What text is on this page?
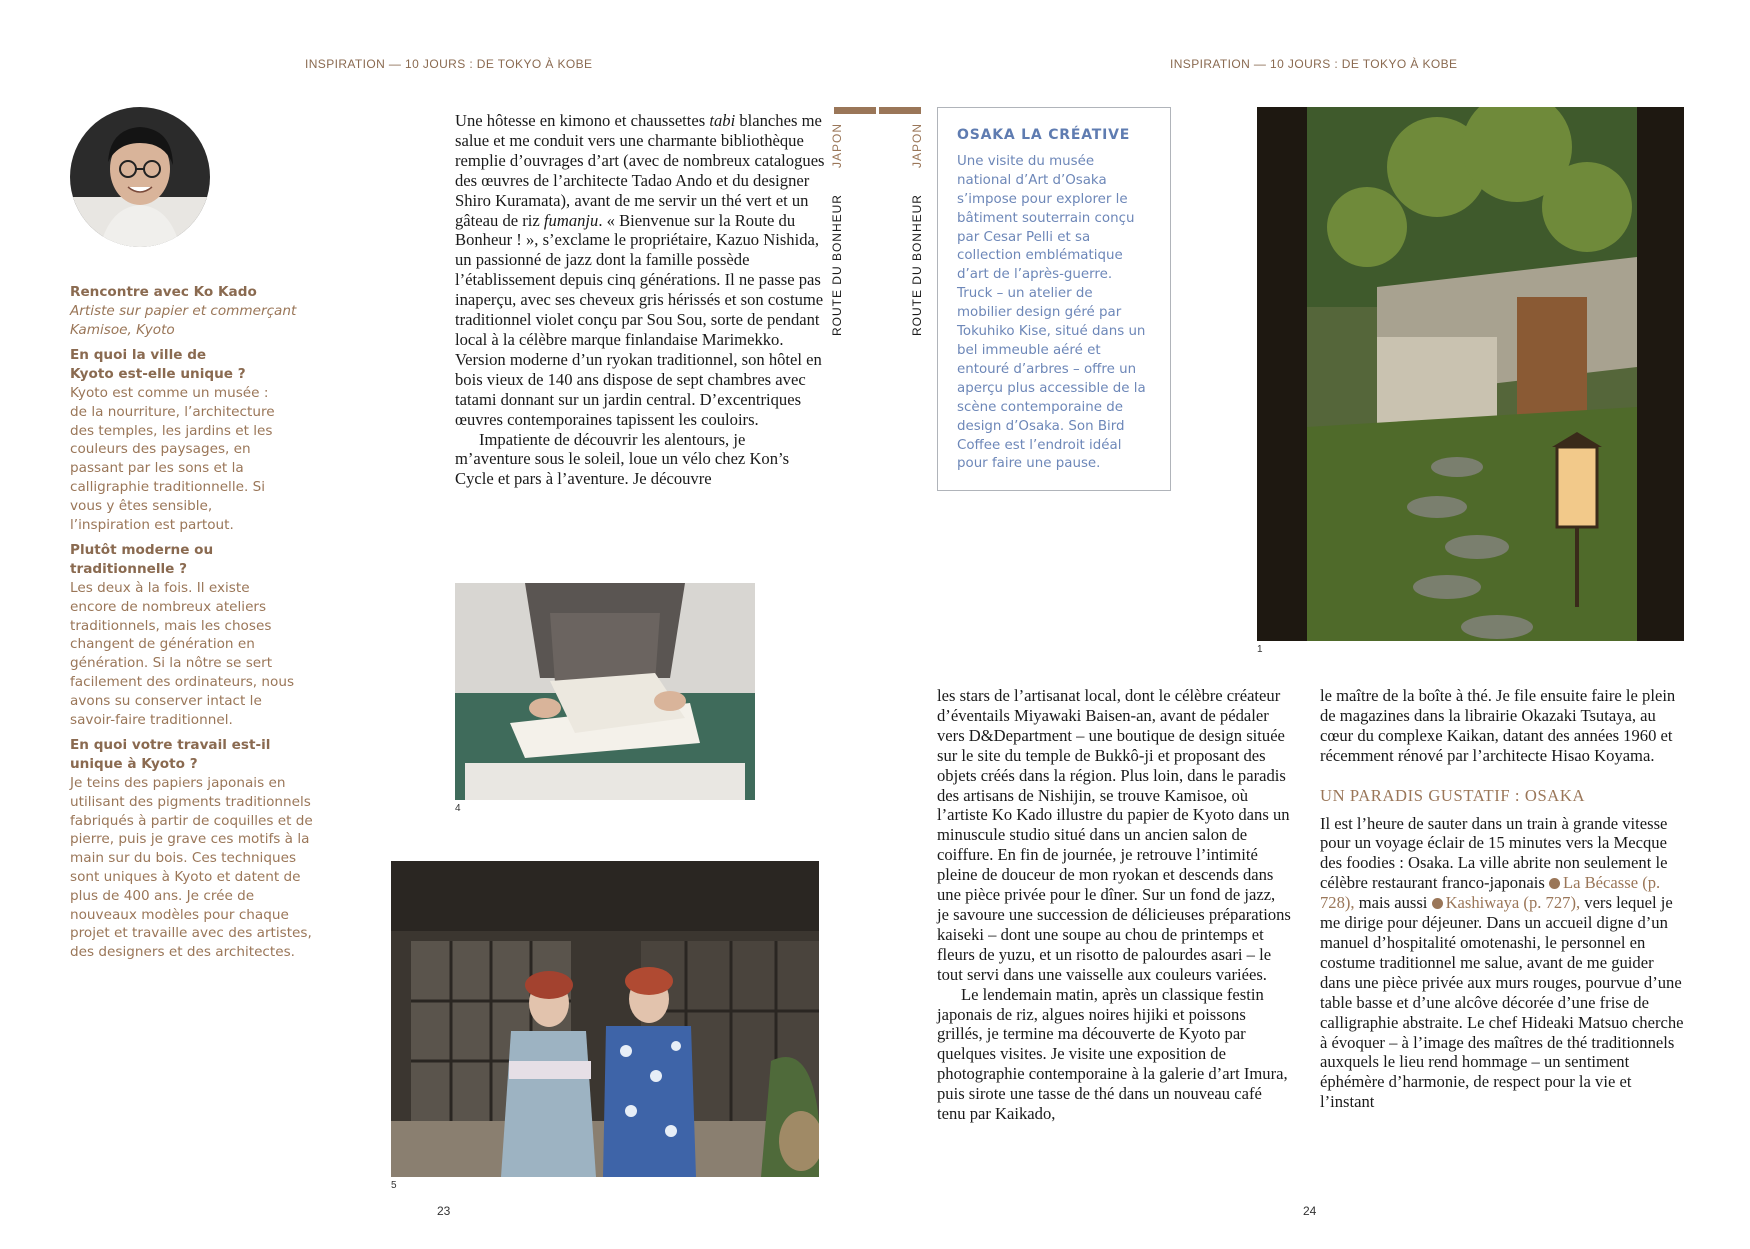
INSPIRATION — 10 JOURS : DE TOKYO À KOBE	INSPIRATION — 10 JOURS : DE TOKYO À KOBE

Rencontre avec Ko Kado

Artiste sur papier et commerçant

Kamisoe, Kyoto

En quoi la ville de Kyoto est-elle unique ?

Kyoto est comme un musée : de la nourriture, l’architecture des temples, les jardins et les couleurs des paysages, en passant par les sons et la calligraphie traditionnelle. Si vous y êtes sensible, l’inspiration est partout.

Plutôt moderne ou traditionnelle ?

Les deux à la fois. Il existe encore de nombreux ateliers traditionnels, mais les choses changent de génération en génération. Si la nôtre se sert facilement des ordinateurs, nous avons su conserver intact le savoir-faire traditionnel.

En quoi votre travail est-il unique à Kyoto ?

Je teins des papiers japonais en utilisant des pigments traditionnels fabriqués à partir de coquilles et de pierre, puis je grave ces motifs à la main sur du bois. Ces techniques sont uniques à Kyoto et datent de plus de 400 ans. Je crée de nouveaux modèles pour chaque projet et travaille avec des artistes, des designers et des architectes.

Une hôtesse en kimono et chaussettes tabi blanches me salue et me conduit vers une charmante bibliothèque remplie d’ouvrages d’art (avec de nombreux catalogues des œuvres de l’architecte Tadao Ando et du designer Shiro Kuramata), avant de me servir un thé vert et un gâteau de riz fumanju. « Bienvenue sur la Route du Bonheur ! », s’exclame le propriétaire, Kazuo Nishida, un passionné de jazz dont la famille possède l’établissement depuis cinq générations. Il ne passe pas inaperçu, avec ses cheveux gris hérissés et son costume traditionnel violet conçu par Sou Sou, sorte de pendant local à la célèbre marque finlandaise Marimekko. Version moderne d’un ryokan traditionnel, son hôtel en bois vieux de 140 ans dispose de sept chambres avec tatami donnant sur un jardin central. D’excentriques œuvres contemporaines tapissent les couloirs.

Impatiente de découvrir les alentours, je m’aventure sous le soleil, loue un vélo chez Kon’s Cycle et pars à l’aventure. Je découvre

4
5
ROUTE DU BONHEUR      JAPON
ROUTE DU BONHEUR      JAPON OSAKA LA CRÉATIVE
Une visite du musée national d’Art d’Osaka s’impose pour explorer le bâtiment souterrain conçu par Cesar Pelli et sa collection emblématique d’art de l’après-guerre. Truck – un atelier de mobilier design géré par Tokuhiko Kise, situé dans un bel immeuble aéré et entouré d’arbres – offre un aperçu plus accessible de la scène contemporaine de design d’Osaka. Son Bird Coffee est l’endroit idéal pour faire une pause.
1

les stars de l’artisanat local, dont le célèbre créateur d’éventails Miyawaki Baisen-an, avant de pédaler vers D&Department – une boutique de design située sur le site du temple de Bukkô-ji et proposant des objets créés dans la région. Plus loin, dans le paradis des artisans de Nishijin, se trouve Kamisoe, où l’artiste Ko Kado illustre du papier de Kyoto dans un minuscule studio situé dans un ancien salon de coiffure. En fin de journée, je retrouve l’intimité pleine de douceur de mon ryokan et descends dans une pièce privée pour le dîner. Sur un fond de jazz, je savoure une succession de délicieuses préparations kaiseki – dont une soupe au chou de printemps et fleurs de yuzu, et un risotto de palourdes asari – le tout servi dans une vaisselle aux couleurs variées.

Le lendemain matin, après un classique festin japonais de riz, algues noires hijiki et poissons grillés, je termine ma découverte de Kyoto par quelques visites. Je visite une exposition de photographie contemporaine à la galerie d’art Imura, puis sirote une tasse de thé dans un nouveau café tenu par Kaikado,

le maître de la boîte à thé. Je file ensuite faire le plein de magazines dans la librairie Okazaki Tsutaya, au cœur du complexe Kaikan, datant des années 1960 et récemment rénové par l’architecte Hisao Koyama.

UN PARADIS GUSTATIF : OSAKA

Il est l’heure de sauter dans un train à grande vitesse pour un voyage éclair de 15 minutes vers la Mecque des foodies : Osaka. La ville abrite non seulement le célèbre restaurant franco-japonais La Bécasse (p. 728), mais aussi Kashiwaya (p. 727), vers lequel je me dirige pour déjeuner. Dans un accueil digne d’un manuel d’hospitalité omotenashi, le personnel en costume traditionnel me salue, avant de me guider dans une pièce privée aux murs rouges, pourvue d’une table basse et d’une alcôve décorée d’une frise de calligraphie abstraite. Le chef Hideaki Matsuo cherche à évoquer – à l’image des maîtres de thé traditionnels auxquels le lieu rend hommage – un sentiment éphémère d’harmonie, de respect pour la vie et l’instant

23	24
